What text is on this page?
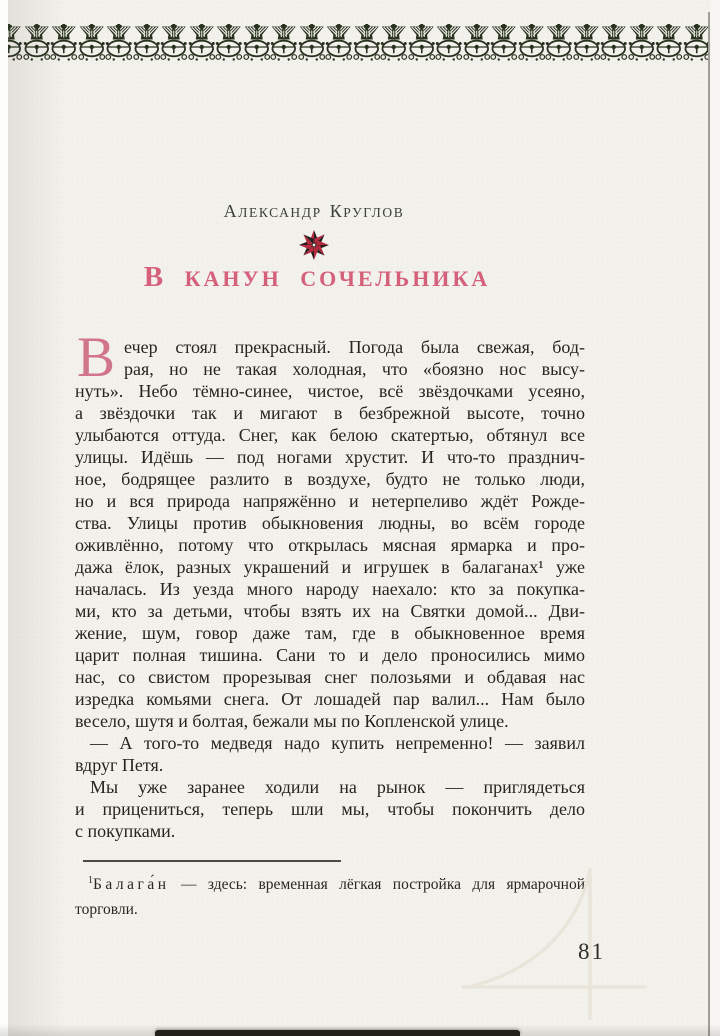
АЛЕКСАНДР КРУГЛОВ
В КАНУН СОЧЕЛЬНИКА
В ечер стоял прекрасный. Погода была свежая, бод-
рая, но не такая холодная, что «боязно нос высу-
нуть». Небо тёмно-синее, чистое, всё звёздочками усеяно,
а звёздочки так и мигают в безбрежной высоте, точно
улыбаются оттуда. Снег, как белою скатертью, обтянул все
улицы. Идёшь — под ногами хрустит. И что-то празднич-
ное, бодрящее разлито в воздухе, будто не только люди,
но и вся природа напряжённо и нетерпеливо ждёт Рожде-
ства. Улицы против обыкновения людны, во всём городе
оживлённо, потому что открылась мясная ярмарка и про-
дажа ёлок, разных украшений и игрушек в балаганах¹ уже
началась. Из уезда много народу наехало: кто за покупка-
ми, кто за детьми, чтобы взять их на Святки домой... Дви-
жение, шум, говор даже там, где в обыкновенное время
царит полная тишина. Сани то и дело проносились мимо
нас, со свистом прорезывая снег полозьями и обдавая нас
изредка комьями снега. От лошадей пар валил... Нам было
весело, шутя и болтая, бежали мы по Копленской улице.
— А того-то медведя надо купить непременно! — заявил
вдруг Петя.
Мы уже заранее ходили на рынок — приглядеться
и прицениться, теперь шли мы, чтобы покончить дело
с покупками.
$^1$Балага́н — здесь: временная лёгкая постройка для ярмарочной
торговли.
81
